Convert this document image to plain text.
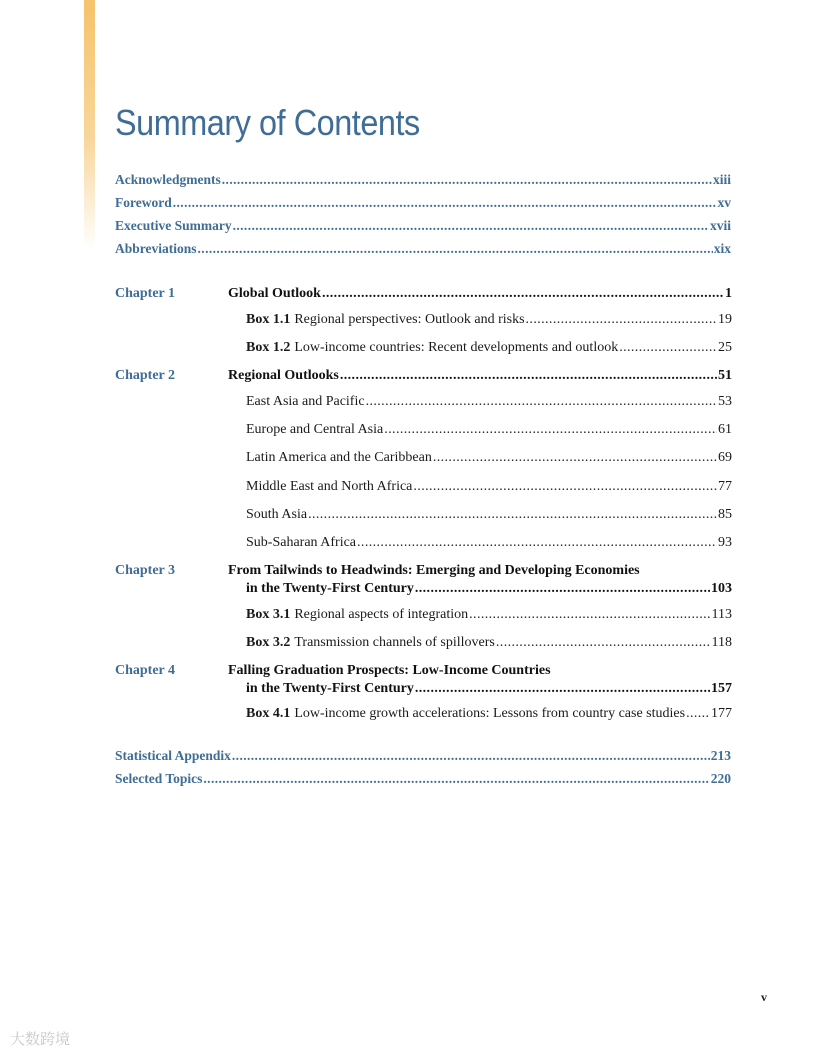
Summary of Contents
Acknowledgments .....	xiii
Foreword .....	xv
Executive Summary .....	xvii
Abbreviations .....	xix
Chapter 1	Global Outlook .....	1
Box 1.1 Regional perspectives: Outlook and risks .....	19
Box 1.2 Low-income countries: Recent developments and outlook .....	25
Chapter 2	Regional Outlooks .....	51
East Asia and Pacific .....	53
Europe and Central Asia .....	61
Latin America and the Caribbean .....	69
Middle East and North Africa .....	77
South Asia .....	85
Sub-Saharan Africa .....	93
Chapter 3	From Tailwinds to Headwinds: Emerging and Developing Economies
in the Twenty-First Century .....	103
Box 3.1 Regional aspects of integration .....	113
Box 3.2 Transmission channels of spillovers .....	118
Chapter 4	Falling Graduation Prospects: Low-Income Countries
in the Twenty-First Century .....	157
Box 4.1 Low-income growth accelerations: Lessons from country case studies ..... 177
Statistical Appendix .....	213
Selected Topics .....	220
v
大数跨境
